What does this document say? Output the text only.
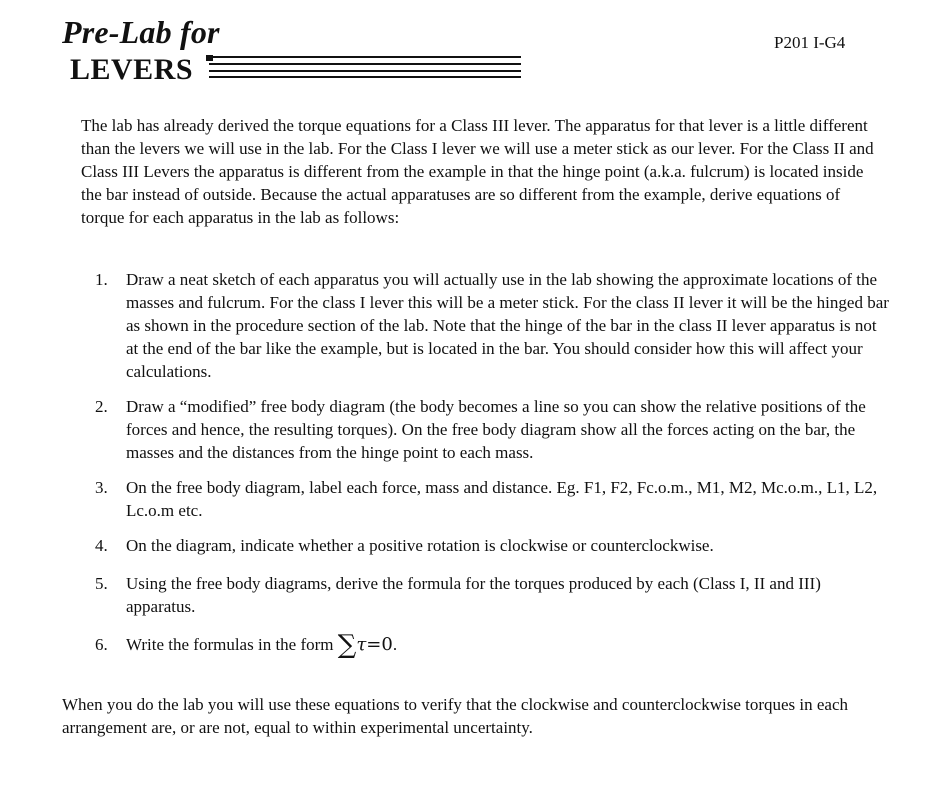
Pre-Lab for
LEVERS
P201 I-G4

The lab has already derived the torque equations for a Class III lever. The apparatus for that lever is a little different than the levers we will use in the lab. For the Class I lever we will use a meter stick as our lever. For the Class II and Class III Levers the apparatus is different from the example in that the hinge point (a.k.a. fulcrum) is located inside the bar instead of outside. Because the actual apparatuses are so different from the example, derive equations of torque for each apparatus in the lab as follows:

1.	Draw a neat sketch of each apparatus you will actually use in the lab showing the approximate locations of the masses and fulcrum. For the class I lever this will be a meter stick. For the class II lever it will be the hinged bar as shown in the procedure section of the lab. Note that the hinge of the bar in the class II lever apparatus is not at the end of the bar like the example, but is located in the bar. You should consider how this will affect your calculations.
2.	Draw a “modified” free body diagram (the body becomes a line so you can show the relative positions of the forces and hence, the resulting torques). On the free body diagram show all the forces acting on the bar, the masses and the distances from the hinge point to each mass.
3.	On the free body diagram, label each force, mass and distance. Eg. F1, F2, Fc.o.m., M1, M2, Mc.o.m., L1, L2, Lc.o.m etc.
4.	On the diagram, indicate whether a positive rotation is clockwise or counterclockwise.
5.	Using the free body diagrams, derive the formula for the torques produced by each (Class I, II and III) apparatus.
6.	Write the formulas in the form ∑τ=0.

When you do the lab you will use these equations to verify that the clockwise and counterclockwise torques in each arrangement are, or are not, equal to within experimental uncertainty.
